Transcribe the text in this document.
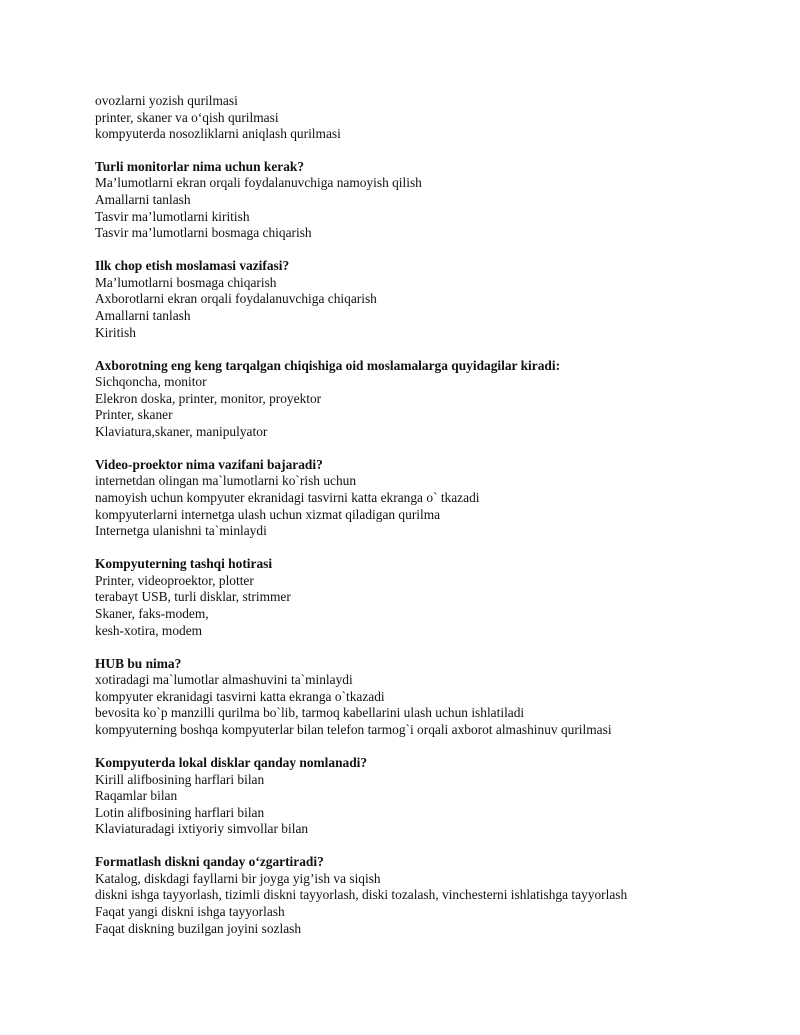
ovozlarni yozish qurilmasi
printer, skaner va o‘qish qurilmasi
kompyuterda nosozliklarni aniqlash qurilmasi
Turli monitorlar nima uchun kerak?
Ma’lumotlarni ekran orqali foydalanuvchiga namoyish qilish
Amallarni tanlash
Tasvir ma’lumotlarni kiritish
Tasvir ma’lumotlarni bosmaga chiqarish
Ilk chop etish moslamasi vazifasi?
Ma’lumotlarni bosmaga chiqarish
Axborotlarni ekran orqali foydalanuvchiga chiqarish
Amallarni tanlash
Kiritish
Axborotning eng keng tarqalgan chiqishiga oid moslamalarga quyidagilar kiradi:
Sichqoncha, monitor
Elekron doska, printer, monitor, proyektor
Printer, skaner
Klaviatura,skaner, manipulyator
Video-proektor nima vazifani bajaradi?
internetdan olingan ma`lumotlarni ko`rish uchun
namoyish uchun kompyuter ekranidagi tasvirni katta ekranga o` tkazadi
kompyuterlarni internetga ulash uchun xizmat qiladigan qurilma
Internetga ulanishni ta`minlaydi
Kompyuterning tashqi hotirasi
Printer, videoproektor, plotter
terabayt USB, turli disklar, strimmer
Skaner, faks-modem,
kesh-xotira, modem
HUB bu nima?
xotiradagi ma`lumotlar almashuvini ta`minlaydi
kompyuter ekranidagi tasvirni katta ekranga o`tkazadi
bevosita ko`p manzilli qurilma bo`lib, tarmoq kabellarini ulash uchun ishlatiladi
kompyuterning boshqa kompyuterlar bilan telefon tarmog`i orqali axborot almashinuv qurilmasi
Kompyuterda lokal disklar qanday nomlanadi?
Kirill alifbosining harflari bilan
Raqamlar bilan
Lotin alifbosining harflari bilan
Klaviaturadagi ixtiyoriy simvollar bilan
Formatlash diskni qanday o‘zgartiradi?
Katalog, diskdagi fayllarni bir joyga yig’ish va siqish
diskni ishga tayyorlash, tizimli diskni tayyorlash, diski tozalash, vinchesterni ishlatishga tayyorlash
Faqat yangi diskni ishga tayyorlash
Faqat diskning buzilgan joyini sozlash
